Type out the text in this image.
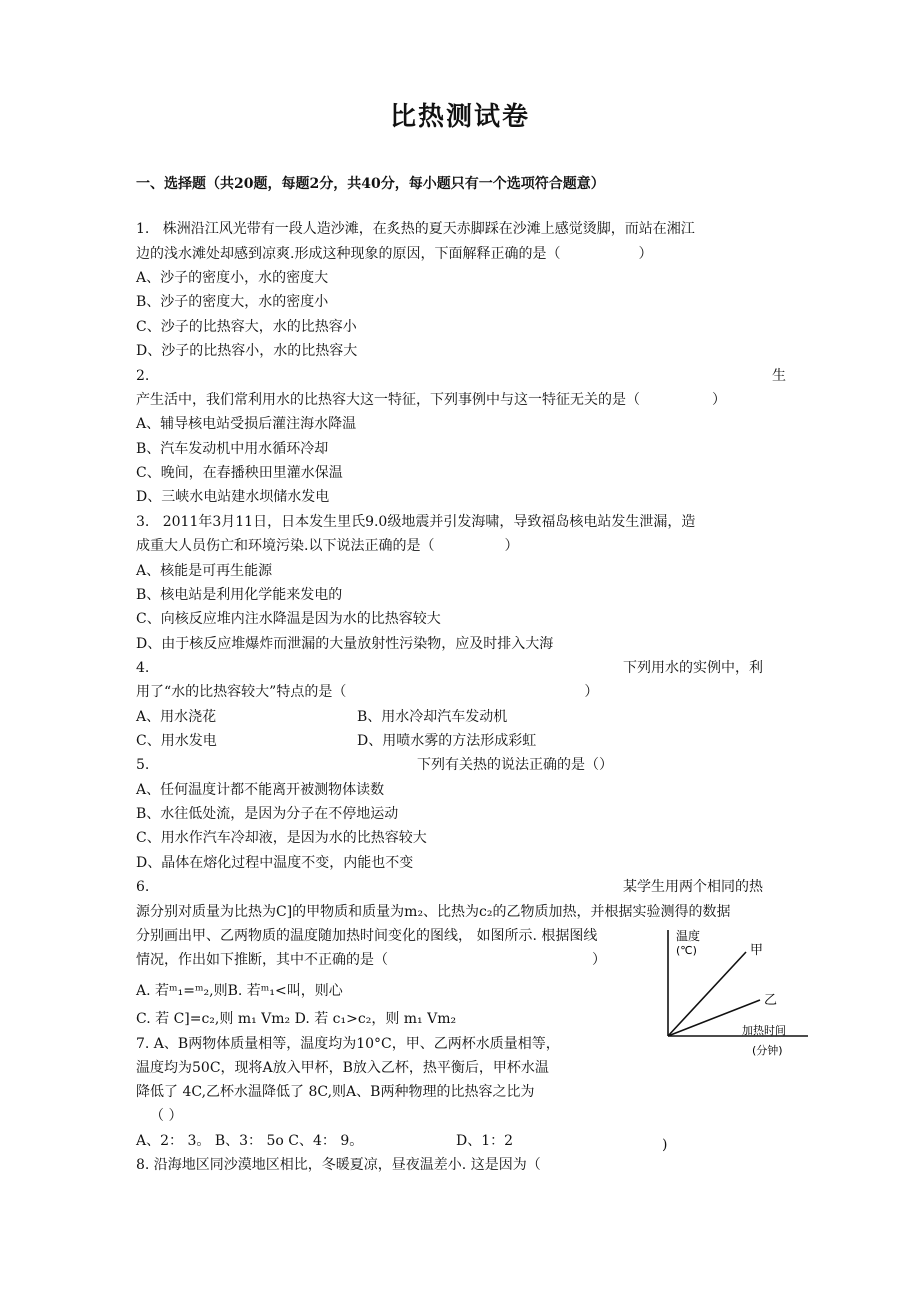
比热测试卷
一、选择题（共20题，每题2分，共40分，每小题只有一个选项符合题意）
1. 株洲沿江风光带有一段人造沙滩，在炙热的夏天赤脚踩在沙滩上感觉烫脚，而站在湘江
边的浅水滩处却感到凉爽.形成这种现象的原因，下面解释正确的是（	）
A、沙子的密度小，水的密度大
B、沙子的密度大，水的密度小
C、沙子的比热容大，水的比热容小
D、沙子的比热容小，水的比热容大
2.	生
产生活中，我们常利用水的比热容大这一特征，下列事例中与这一特征无关的是（	）
A、辅导核电站受损后灌注海水降温
B、汽车发动机中用水循环冷却
C、晚间，在春播秧田里灌水保温
D、三峡水电站建水坝储水发电
3. 2011年3月11日，日本发生里氏9.0级地震并引发海啸，导致福岛核电站发生泄漏，造
成重大人员伤亡和环境污染.以下说法正确的是（	）
A、核能是可再生能源
B、核电站是利用化学能来发电的
C、向核反应堆内注水降温是因为水的比热容较大
D、由于核反应堆爆炸而泄漏的大量放射性污染物，应及时排入大海
4.	下列用水的实例中，利
用了“水的比热容较大”特点的是（	）
A、用水浇花	B、用水冷却汽车发动机
C、用水发电	D、用喷水雾的方法形成彩虹
5.	下列有关热的说法正确的是（）
A、任何温度计都不能离开被测物体读数
B、水往低处流，是因为分子在不停地运动
C、用水作汽车冷却液，是因为水的比热容较大
D、晶体在熔化过程中温度不变，内能也不变
6.	某学生用两个相同的热
源分别对质量为比热为C]的甲物质和质量为m₂、比热为c₂的乙物质加热，并根据实验测得的数据
分别画出甲、乙两物质的温度随加热时间变化的图线， 如图所示. 根据图线
情况，作出如下推断，其中不正确的是（	）
A. 若ᵐ₁=ᵐ₂,则B. 若ᵐ₁<叫，则心
C. 若 C]=c₂,则 m₁ Vm₂ D. 若 c₁>c₂，则 m₁ Vm₂
温度
(℃)	甲
乙
加热时间
(分钟)
7. A、B两物体质量相等，温度均为10°C，甲、乙两杯水质量相等，
温度均为50C，现将A放入甲杯，B放入乙杯，热平衡后，甲杯水温
降低了 4C,乙杯水温降低了 8C,则A、B两种物理的比热容之比为
（ ）
A、2： 3。 B、3： 5o C、4： 9。	D、1：2	)
8. 沿海地区同沙漠地区相比，冬暖夏凉，昼夜温差小. 这是因为（
